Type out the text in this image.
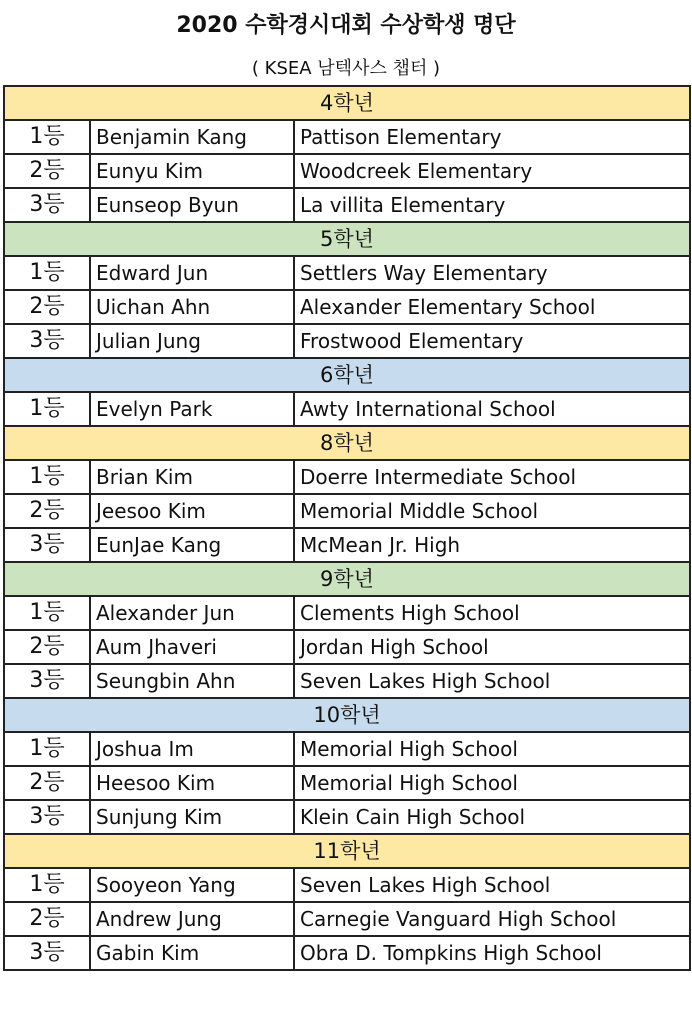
2020 수학경시대회 수상학생 명단
( KSEA 남텍사스 챕터 )
4학년		
1등	Benjamin Kang	Pattison Elementary
2등	Eunyu Kim	Woodcreek Elementary
3등	Eunseop Byun	La villita Elementary
5학년		
1등	Edward Jun	Settlers Way Elementary
2등	Uichan Ahn	Alexander Elementary School
3등	Julian Jung	Frostwood Elementary
6학년		
1등	Evelyn Park	Awty International School
8학년		
1등	Brian Kim	Doerre Intermediate School
2등	Jeesoo Kim	Memorial Middle School
3등	EunJae Kang	McMean Jr. High
9학년		
1등	Alexander Jun	Clements High School
2등	Aum Jhaveri	Jordan High School
3등	Seungbin Ahn	Seven Lakes High School
10학년		
1등	Joshua Im	Memorial High School
2등	Heesoo Kim	Memorial High School
3등	Sunjung Kim	Klein Cain High School
11학년		
1등	Sooyeon Yang	Seven Lakes High School
2등	Andrew Jung	Carnegie Vanguard High School
3등	Gabin Kim	Obra D. Tompkins High School
